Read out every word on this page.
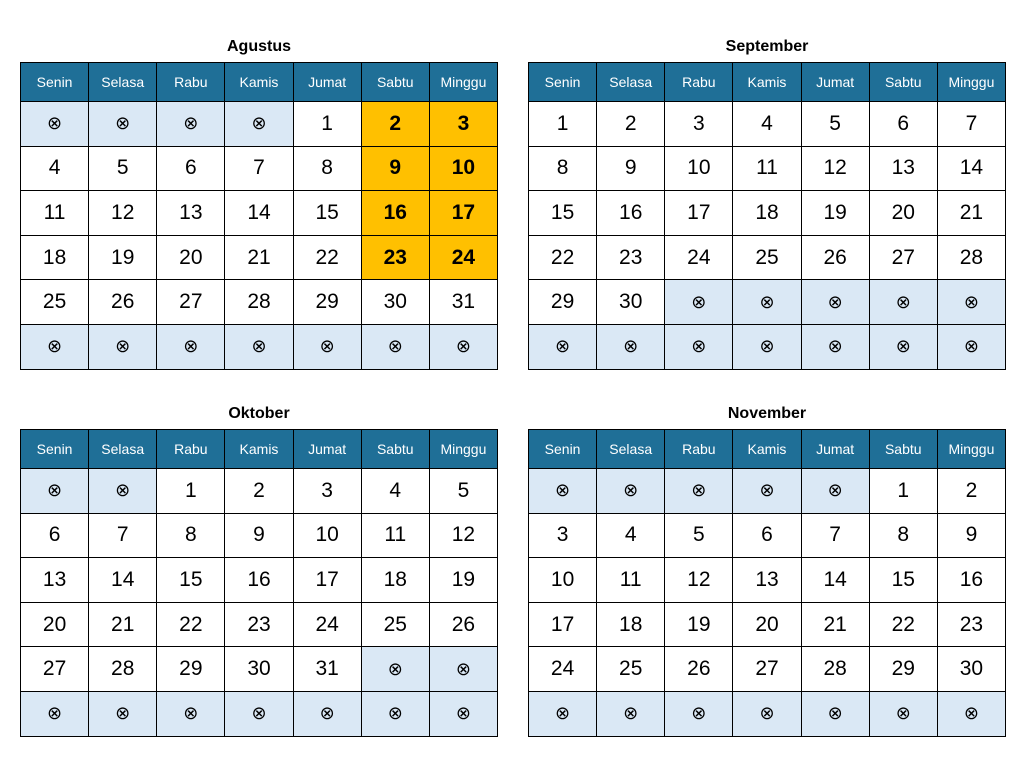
Agustus
Senin	Selasa	Rabu	Kamis	Jumat	Sabtu	Minggu
⊗	⊗	⊗	⊗	1	2	3
4	5	6	7	8	9	10
11	12	13	14	15	16	17
18	19	20	21	22	23	24
25	26	27	28	29	30	31
⊗	⊗	⊗	⊗	⊗	⊗	⊗
September
Senin	Selasa	Rabu	Kamis	Jumat	Sabtu	Minggu
1	2	3	4	5	6	7
8	9	10	11	12	13	14
15	16	17	18	19	20	21
22	23	24	25	26	27	28
29	30	⊗	⊗	⊗	⊗	⊗
⊗	⊗	⊗	⊗	⊗	⊗	⊗
Oktober
Senin	Selasa	Rabu	Kamis	Jumat	Sabtu	Minggu
⊗	⊗	1	2	3	4	5
6	7	8	9	10	11	12
13	14	15	16	17	18	19
20	21	22	23	24	25	26
27	28	29	30	31	⊗	⊗
⊗	⊗	⊗	⊗	⊗	⊗	⊗
November
Senin	Selasa	Rabu	Kamis	Jumat	Sabtu	Minggu
⊗	⊗	⊗	⊗	⊗	1	2
3	4	5	6	7	8	9
10	11	12	13	14	15	16
17	18	19	20	21	22	23
24	25	26	27	28	29	30
⊗	⊗	⊗	⊗	⊗	⊗	⊗
